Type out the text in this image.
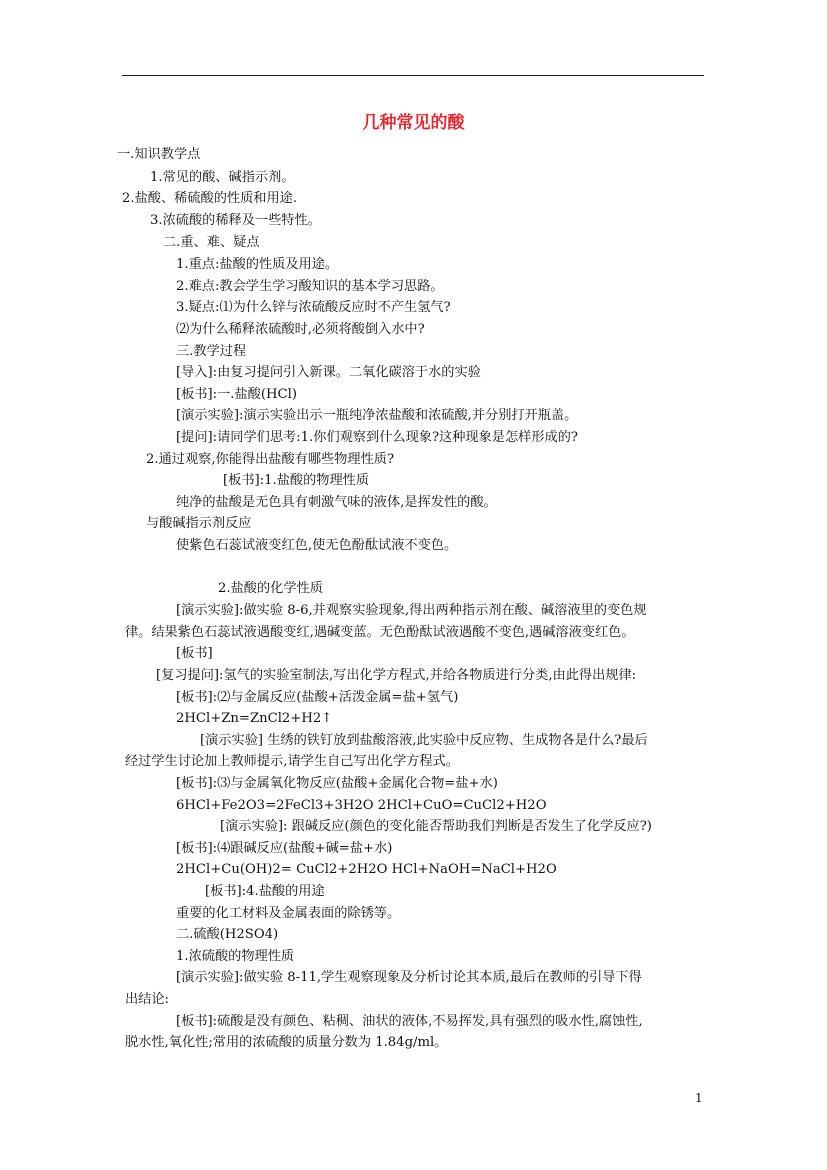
几种常见的酸
一.知识教学点
1.常见的酸、碱指示剂。
2.盐酸、稀硫酸的性质和用途.
3.浓硫酸的稀释及一些特性。
二.重、难、疑点
1.重点:盐酸的性质及用途。
2.难点:教会学生学习酸知识的基本学习思路。
3.疑点:⑴为什么锌与浓硫酸反应时不产生氢气?
⑵为什么稀释浓硫酸时,必须将酸倒入水中?
三.教学过程
[导入]:由复习提问引入新课。二氧化碳溶于水的实验
[板书]:一.盐酸(HCl)
[演示实验]:演示实验出示一瓶纯净浓盐酸和浓硫酸,并分别打开瓶盖。
[提问]:请同学们思考:1.你们观察到什么现象?这种现象是怎样形成的?
2.通过观察,你能得出盐酸有哪些物理性质?
[板书]:1.盐酸的物理性质
纯净的盐酸是无色具有刺激气味的液体,是挥发性的酸。
与酸碱指示剂反应
使紫色石蕊试液变红色,使无色酚酞试液不变色。
2.盐酸的化学性质
[演示实验]:做实验 8-6,并观察实验现象,得出两种指示剂在酸、碱溶液里的变色规
律。结果紫色石蕊试液遇酸变红,遇碱变蓝。无色酚酞试液遇酸不变色,遇碱溶液变红色。
[板书]
[复习提问]:氢气的实验室制法,写出化学方程式,并给各物质进行分类,由此得出规律:
[板书]:⑵与金属反应(盐酸+活泼金属=盐+氢气)
2HCl+Zn=ZnCl2+H2↑
[演示实验] 生绣的铁钉放到盐酸溶液,此实验中反应物、生成物各是什么?最后
经过学生讨论加上教师提示,请学生自己写出化学方程式。
[板书]:⑶与金属氧化物反应(盐酸+金属化合物=盐+水)
6HCl+Fe2O3=2FeCl3+3H2O 2HCl+CuO=CuCl2+H2O
[演示实验]: 跟碱反应(颜色的变化能否帮助我们判断是否发生了化学反应?)
[板书]:⑷跟碱反应(盐酸+碱=盐+水)
2HCl+Cu(OH)2= CuCl2+2H2O HCl+NaOH=NaCl+H2O
[板书]:4.盐酸的用途
重要的化工材料及金属表面的除锈等。
二.硫酸(H2SO4)
1.浓硫酸的物理性质
[演示实验]:做实验 8-11,学生观察现象及分析讨论其本质,最后在教师的引导下得
出结论:
[板书]:硫酸是没有颜色、粘稠、油状的液体,不易挥发,具有强烈的吸水性,腐蚀性,
脱水性,氧化性;常用的浓硫酸的质量分数为 1.84g/ml。
1
